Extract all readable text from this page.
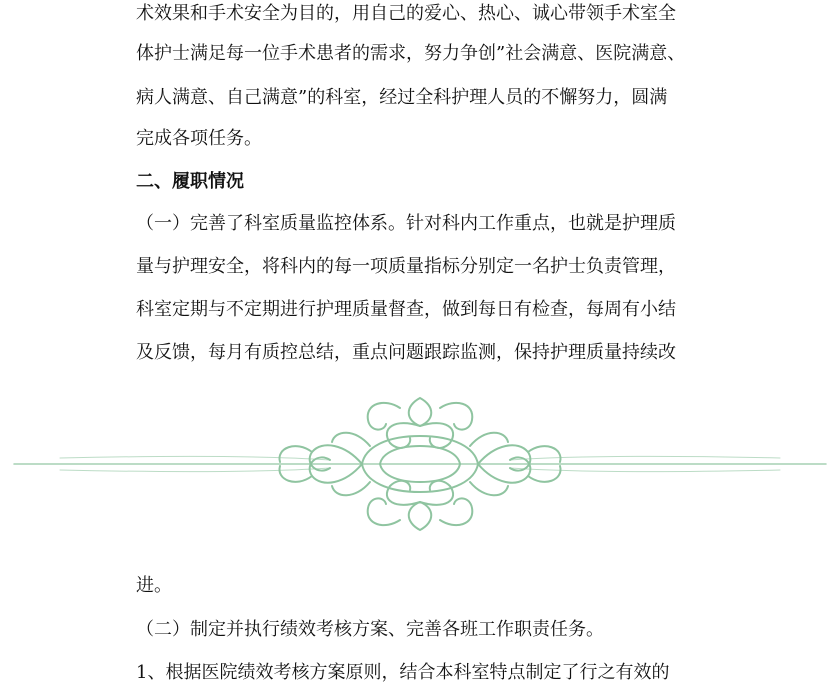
术效果和手术安全为目的，用自己的爱心、热心、诚心带领手术室全
体护士满足每一位手术患者的需求，努力争创”社会满意、医院满意、
病人满意、自己满意”的科室，经过全科护理人员的不懈努力，圆满
完成各项任务。
二、履职情况
（一）完善了科室质量监控体系。针对科内工作重点，也就是护理质
量与护理安全，将科内的每一项质量指标分别定一名护士负责管理，
科室定期与不定期进行护理质量督查，做到每日有检查，每周有小结
及反馈，每月有质控总结，重点问题跟踪监测，保持护理质量持续改
进。
（二）制定并执行绩效考核方案、完善各班工作职责任务。
1、根据医院绩效考核方案原则，结合本科室特点制定了行之有效的
